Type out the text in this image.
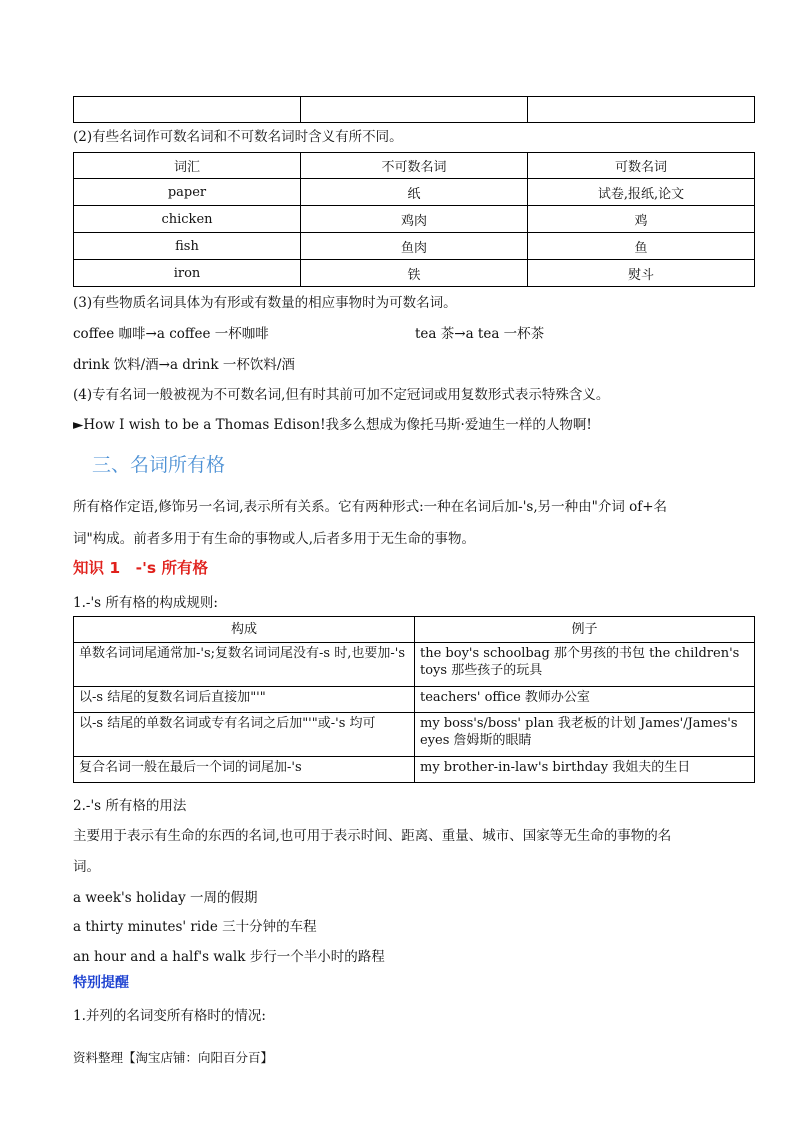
(2)有些名词作可数名词和不可数名词时含义有所不同。
词汇	不可数名词	可数名词
paper	纸	试卷,报纸,论文
chicken	鸡肉	鸡
fish	鱼肉	鱼
iron	铁	熨斗
(3)有些物质名词具体为有形或有数量的相应事物时为可数名词。
coffee 咖啡→a coffee 一杯咖啡	tea 茶→a tea 一杯茶
drink 饮料/酒→a drink 一杯饮料/酒
(4)专有名词一般被视为不可数名词,但有时其前可加不定冠词或用复数形式表示特殊含义。
►How I wish to be a Thomas Edison!我多么想成为像托马斯·爱迪生一样的人物啊!
三、名词所有格
所有格作定语,修饰另一名词,表示所有关系。它有两种形式:一种在名词后加-'s,另一种由"介词 of+名
词"构成。前者多用于有生命的事物或人,后者多用于无生命的事物。
知识 1　-'s 所有格
1.-'s 所有格的构成规则:
构成	例子
单数名词词尾通常加-'s;复数名词词尾没有-s 时,也要加-'s	the boy's schoolbag 那个男孩的书包 the children's toys 那些孩子的玩具
以-s 结尾的复数名词后直接加"'"	teachers' office 教师办公室
以-s 结尾的单数名词或专有名词之后加"'"或-'s 均可	my boss's/boss' plan 我老板的计划 James'/James's eyes 詹姆斯的眼睛
复合名词一般在最后一个词的词尾加-'s	my brother-in-law's birthday 我姐夫的生日
2.-'s 所有格的用法
主要用于表示有生命的东西的名词,也可用于表示时间、距离、重量、城市、国家等无生命的事物的名
词。
a week's holiday 一周的假期
a thirty minutes' ride 三十分钟的车程
an hour and a half's walk 步行一个半小时的路程
特别提醒
1.并列的名词变所有格时的情况:
资料整理【淘宝店铺：向阳百分百】
